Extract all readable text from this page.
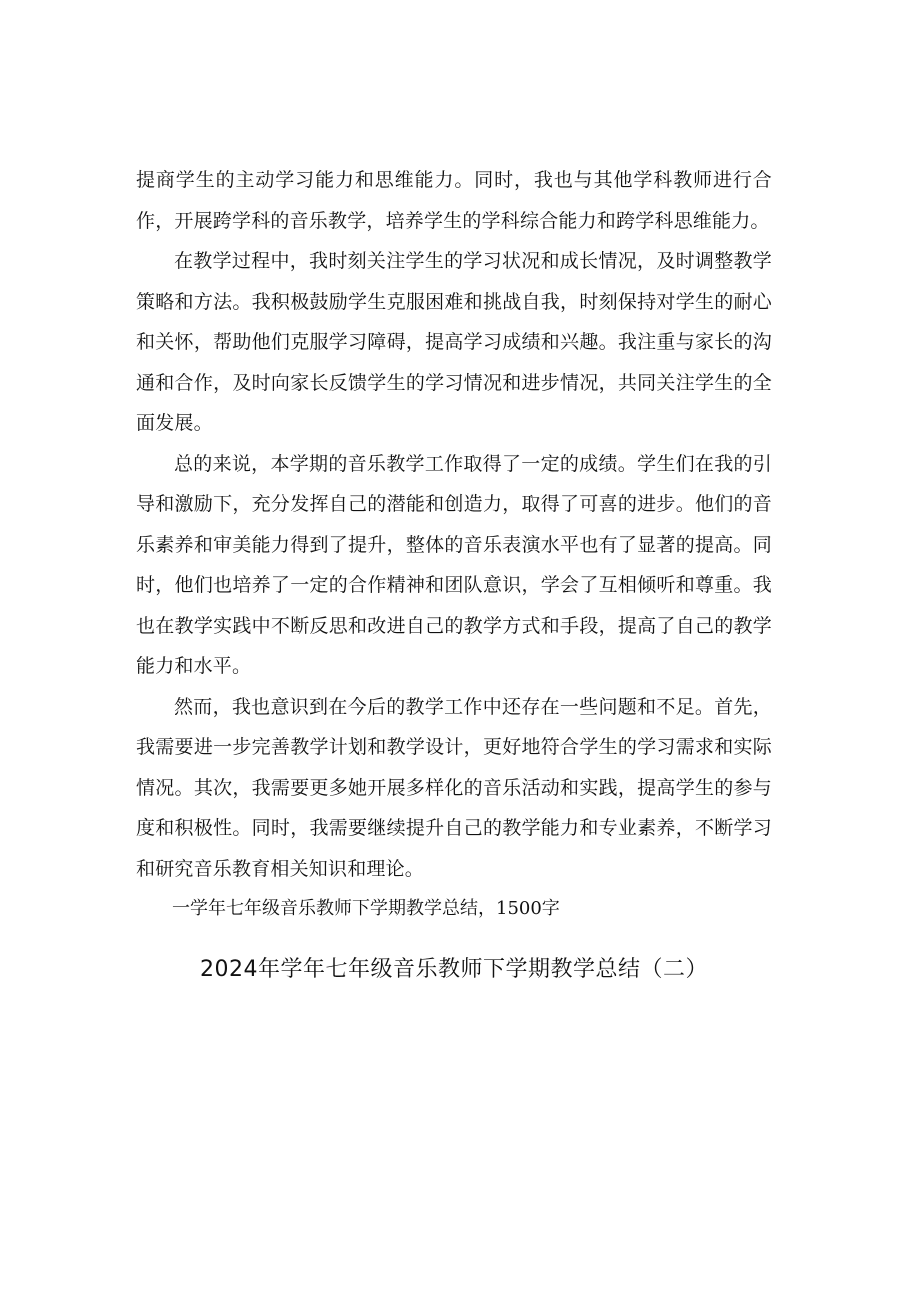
提商学生的主动学习能力和思维能力。同时，我也与其他学科教师进行合作，开展跨学科的音乐教学，培养学生的学科综合能力和跨学科思维能力。

在教学过程中，我时刻关注学生的学习状况和成长情况，及时调整教学策略和方法。我积极鼓励学生克服困难和挑战自我，时刻保持对学生的耐心和关怀，帮助他们克服学习障碍，提高学习成绩和兴趣。我注重与家长的沟通和合作，及时向家长反馈学生的学习情况和进步情况，共同关注学生的全面发展。

总的来说，本学期的音乐教学工作取得了一定的成绩。学生们在我的引导和激励下，充分发挥自己的潜能和创造力，取得了可喜的进步。他们的音乐素养和审美能力得到了提升，整体的音乐表演水平也有了显著的提高。同时，他们也培养了一定的合作精神和团队意识，学会了互相倾听和尊重。我也在教学实践中不断反思和改进自己的教学方式和手段，提高了自己的教学能力和水平。

然而，我也意识到在今后的教学工作中还存在一些问题和不足。首先，我需要进一步完善教学计划和教学设计，更好地符合学生的学习需求和实际情况。其次，我需要更多她开展多样化的音乐活动和实践，提高学生的参与度和积极性。同时，我需要继续提升自己的教学能力和专业素养，不断学习和研究音乐教育相关知识和理论。

一学年七年级音乐教师下学期教学总结，1500字

2024年学年七年级音乐教师下学期教学总结（二）
